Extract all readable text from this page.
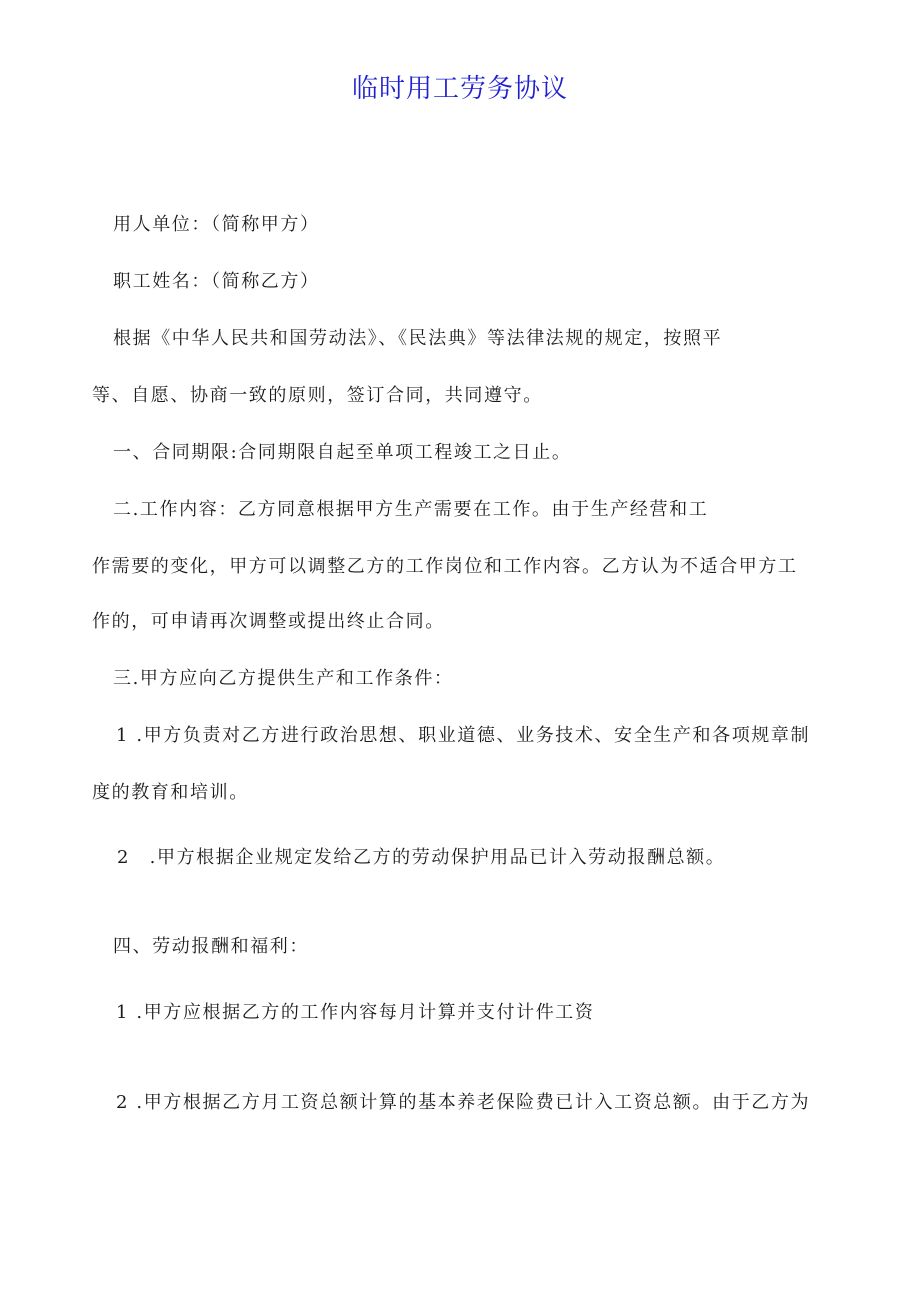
临时用工劳务协议
用人单位：（简称甲方）
职工姓名：（简称乙方）
根据《中华人民共和国劳动法》、《民法典》等法律法规的规定，按照平
等、自愿、协商一致的原则，签订合同，共同遵守。
一、合同期限:合同期限自起至单项工程竣工之日止。
二.工作内容：乙方同意根据甲方生产需要在工作。由于生产经营和工
作需要的变化，甲方可以调整乙方的工作岗位和工作内容。乙方认为不适合甲方工
作的，可申请再次调整或提出终止合同。
三.甲方应向乙方提供生产和工作条件：
1 .甲方负责对乙方进行政治思想、职业道德、业务技术、安全生产和各项规章制
度的教育和培训。
2　.甲方根据企业规定发给乙方的劳动保护用品已计入劳动报酬总额。
四、劳动报酬和福利：
1 .甲方应根据乙方的工作内容每月计算并支付计件工资
2 .甲方根据乙方月工资总额计算的基本养老保险费已计入工资总额。由于乙方为
